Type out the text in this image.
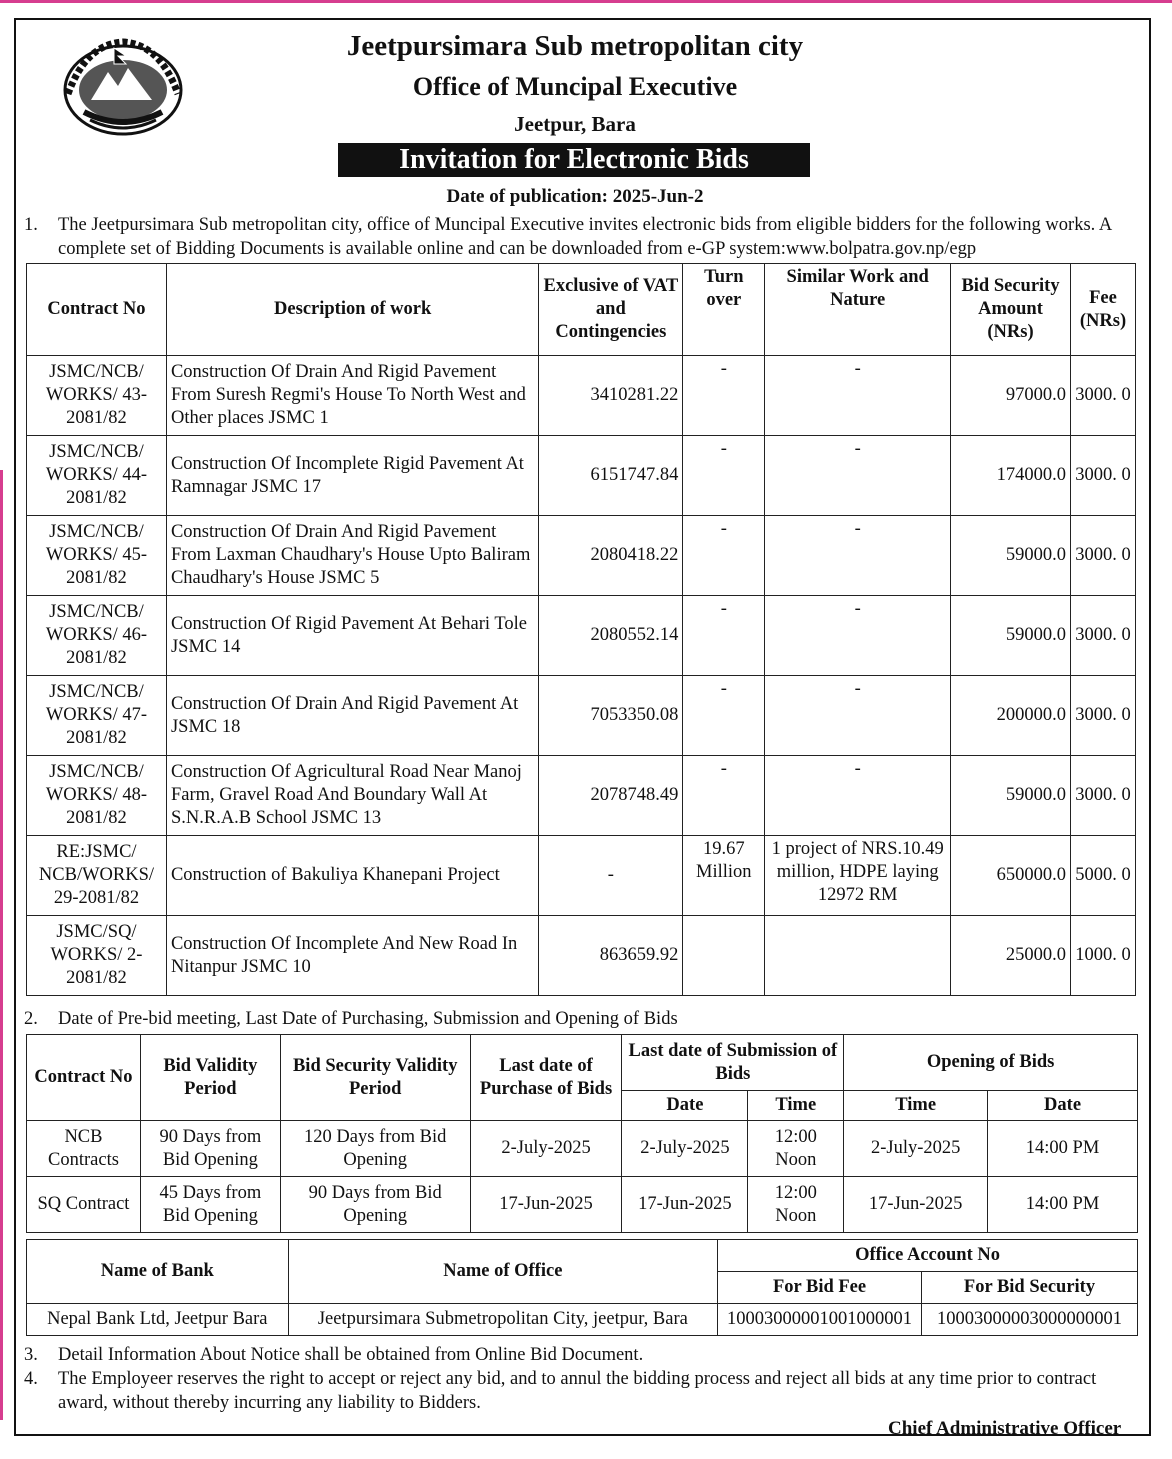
Jeetpursimara Sub metropolitan city
Office of Muncipal Executive
Jeetpur, Bara
Invitation for Electronic Bids
Date of publication: 2025-Jun-2
1.	The Jeetpursimara Sub metropolitan city, office of Muncipal Executive invites electronic bids from eligible bidders for the following works. A complete set of Bidding Documents is available online and can be downloaded from e-GP system:www.bolpatra.gov.np/egp
Contract No	Description of work	Exclusive of VAT and Contingencies	Turn over	Similar Work and Nature	Bid Security Amount (NRs)	Fee (NRs)
JSMC/NCB/ WORKS/ 43-2081/82	Construction Of Drain And Rigid Pavement From Suresh Regmi's House To North West and Other places JSMC 1	3410281.22	-	-	97000.0	3000. 0
JSMC/NCB/ WORKS/ 44-2081/82	Construction Of Incomplete Rigid Pavement At Ramnagar JSMC 17	6151747.84	-	-	174000.0	3000. 0
JSMC/NCB/ WORKS/ 45-2081/82	Construction Of Drain And Rigid Pavement From Laxman Chaudhary's House Upto Baliram Chaudhary's House JSMC 5	2080418.22	-	-	59000.0	3000. 0
JSMC/NCB/ WORKS/ 46-2081/82	Construction Of Rigid Pavement At Behari Tole JSMC 14	2080552.14	-	-	59000.0	3000. 0
JSMC/NCB/ WORKS/ 47-2081/82	Construction Of Drain And Rigid Pavement At JSMC 18	7053350.08	-	-	200000.0	3000. 0
JSMC/NCB/ WORKS/ 48-2081/82	Construction Of Agricultural Road Near Manoj Farm, Gravel Road And Boundary Wall At S.N.R.A.B School JSMC 13	2078748.49	-	-	59000.0	3000. 0
RE:JSMC/ NCB/WORKS/ 29-2081/82	Construction of Bakuliya Khanepani Project	-	19.67 Million	1 project of NRS.10.49 million, HDPE laying 12972 RM	650000.0	5000. 0
JSMC/SQ/ WORKS/ 2-2081/82	Construction Of Incomplete And New Road In Nitanpur JSMC 10	863659.92			25000.0	1000. 0
2.	Date of Pre-bid meeting, Last Date of Purchasing, Submission and Opening of Bids
Contract No	Bid Validity Period	Bid Security Validity Period	Last date of Purchase of Bids	Last date of Submission of Bids		Opening of Bids	
				Date	Time	Time	Date
NCB Contracts	90 Days from Bid Opening	120 Days from Bid Opening	2-July-2025	2-July-2025	12:00 Noon	2-July-2025	14:00 PM
SQ Contract	45 Days from Bid Opening	90 Days from Bid Opening	17-Jun-2025	17-Jun-2025	12:00 Noon	17-Jun-2025	14:00 PM
Name of Bank	Name of Office	Office Account No	
		For Bid Fee	For Bid Security
Nepal Bank Ltd, Jeetpur Bara	Jeetpursimara Submetropolitan City, jeetpur, Bara	10003000001001000001	10003000003000000001
3.	Detail Information About Notice shall be obtained from Online Bid Document.
4.	The Employeer reserves the right to accept or reject any bid, and to annul the bidding process and reject all bids at any time prior to contract award, without thereby incurring any liability to Bidders.
Chief Administrative Officer
